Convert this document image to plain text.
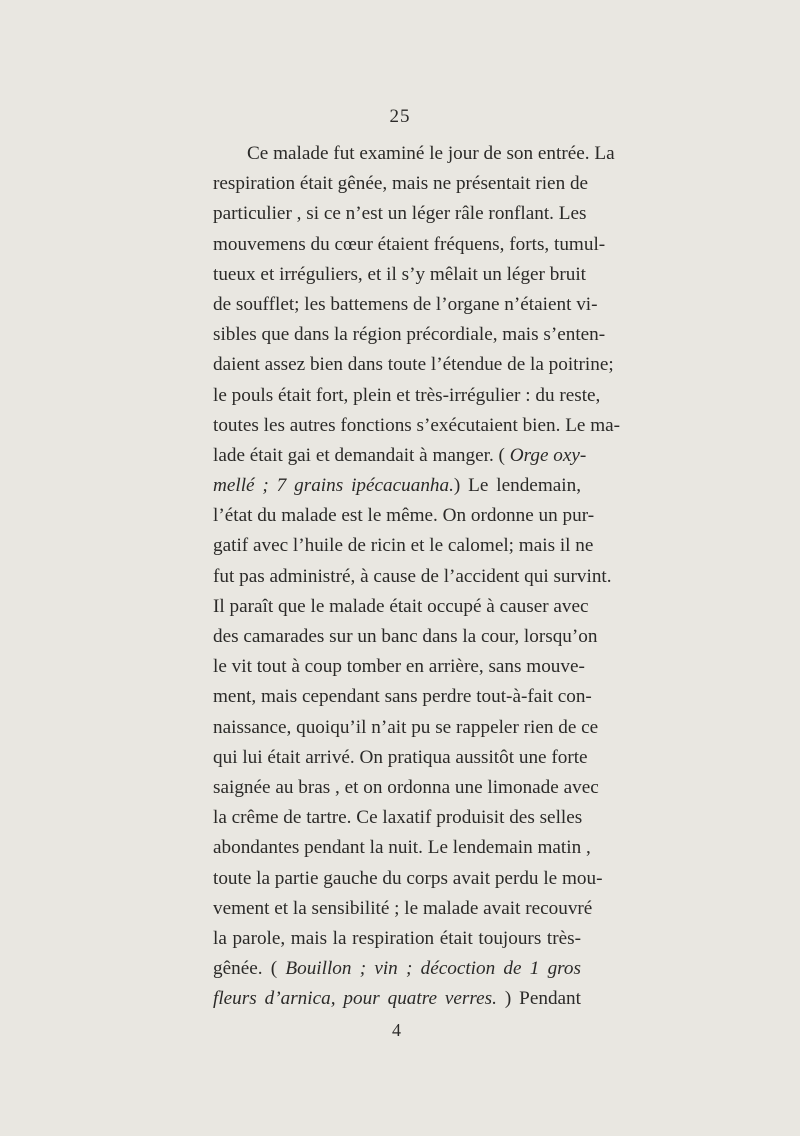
25
Ce malade fut examiné le jour de son entrée. La
respiration était gênée, mais ne présentait rien de
particulier , si ce n’est un léger râle ronflant. Les
mouvemens du cœur étaient fréquens, forts, tumul-
tueux et irréguliers, et il s’y mêlait un léger bruit
de soufflet; les battemens de l’organe n’étaient vi-
sibles que dans la région précordiale, mais s’enten-
daient assez bien dans toute l’étendue de la poitrine;
le pouls était fort, plein et très-irrégulier : du reste,
toutes les autres fonctions s’exécutaient bien. Le ma-
lade était gai et demandait à manger. ( Orge oxy-
mellé ; 7 grains ipécacuanha.) Le lendemain,
l’état du malade est le même. On ordonne un pur-
gatif avec l’huile de ricin et le calomel; mais il ne
fut pas administré, à cause de l’accident qui survint.
Il paraît que le malade était occupé à causer avec
des camarades sur un banc dans la cour, lorsqu’on
le vit tout à coup tomber en arrière, sans mouve-
ment, mais cependant sans perdre tout-à-fait con-
naissance, quoiqu’il n’ait pu se rappeler rien de ce
qui lui était arrivé. On pratiqua aussitôt une forte
saignée au bras , et on ordonna une limonade avec
la crême de tartre. Ce laxatif produisit des selles
abondantes pendant la nuit. Le lendemain matin ,
toute la partie gauche du corps avait perdu le mou-
vement et la sensibilité ; le malade avait recouvré
la parole, mais la respiration était toujours très-
gênée. ( Bouillon ; vin ; décoction de 1 gros
fleurs d’arnica, pour quatre verres. ) Pendant
4
